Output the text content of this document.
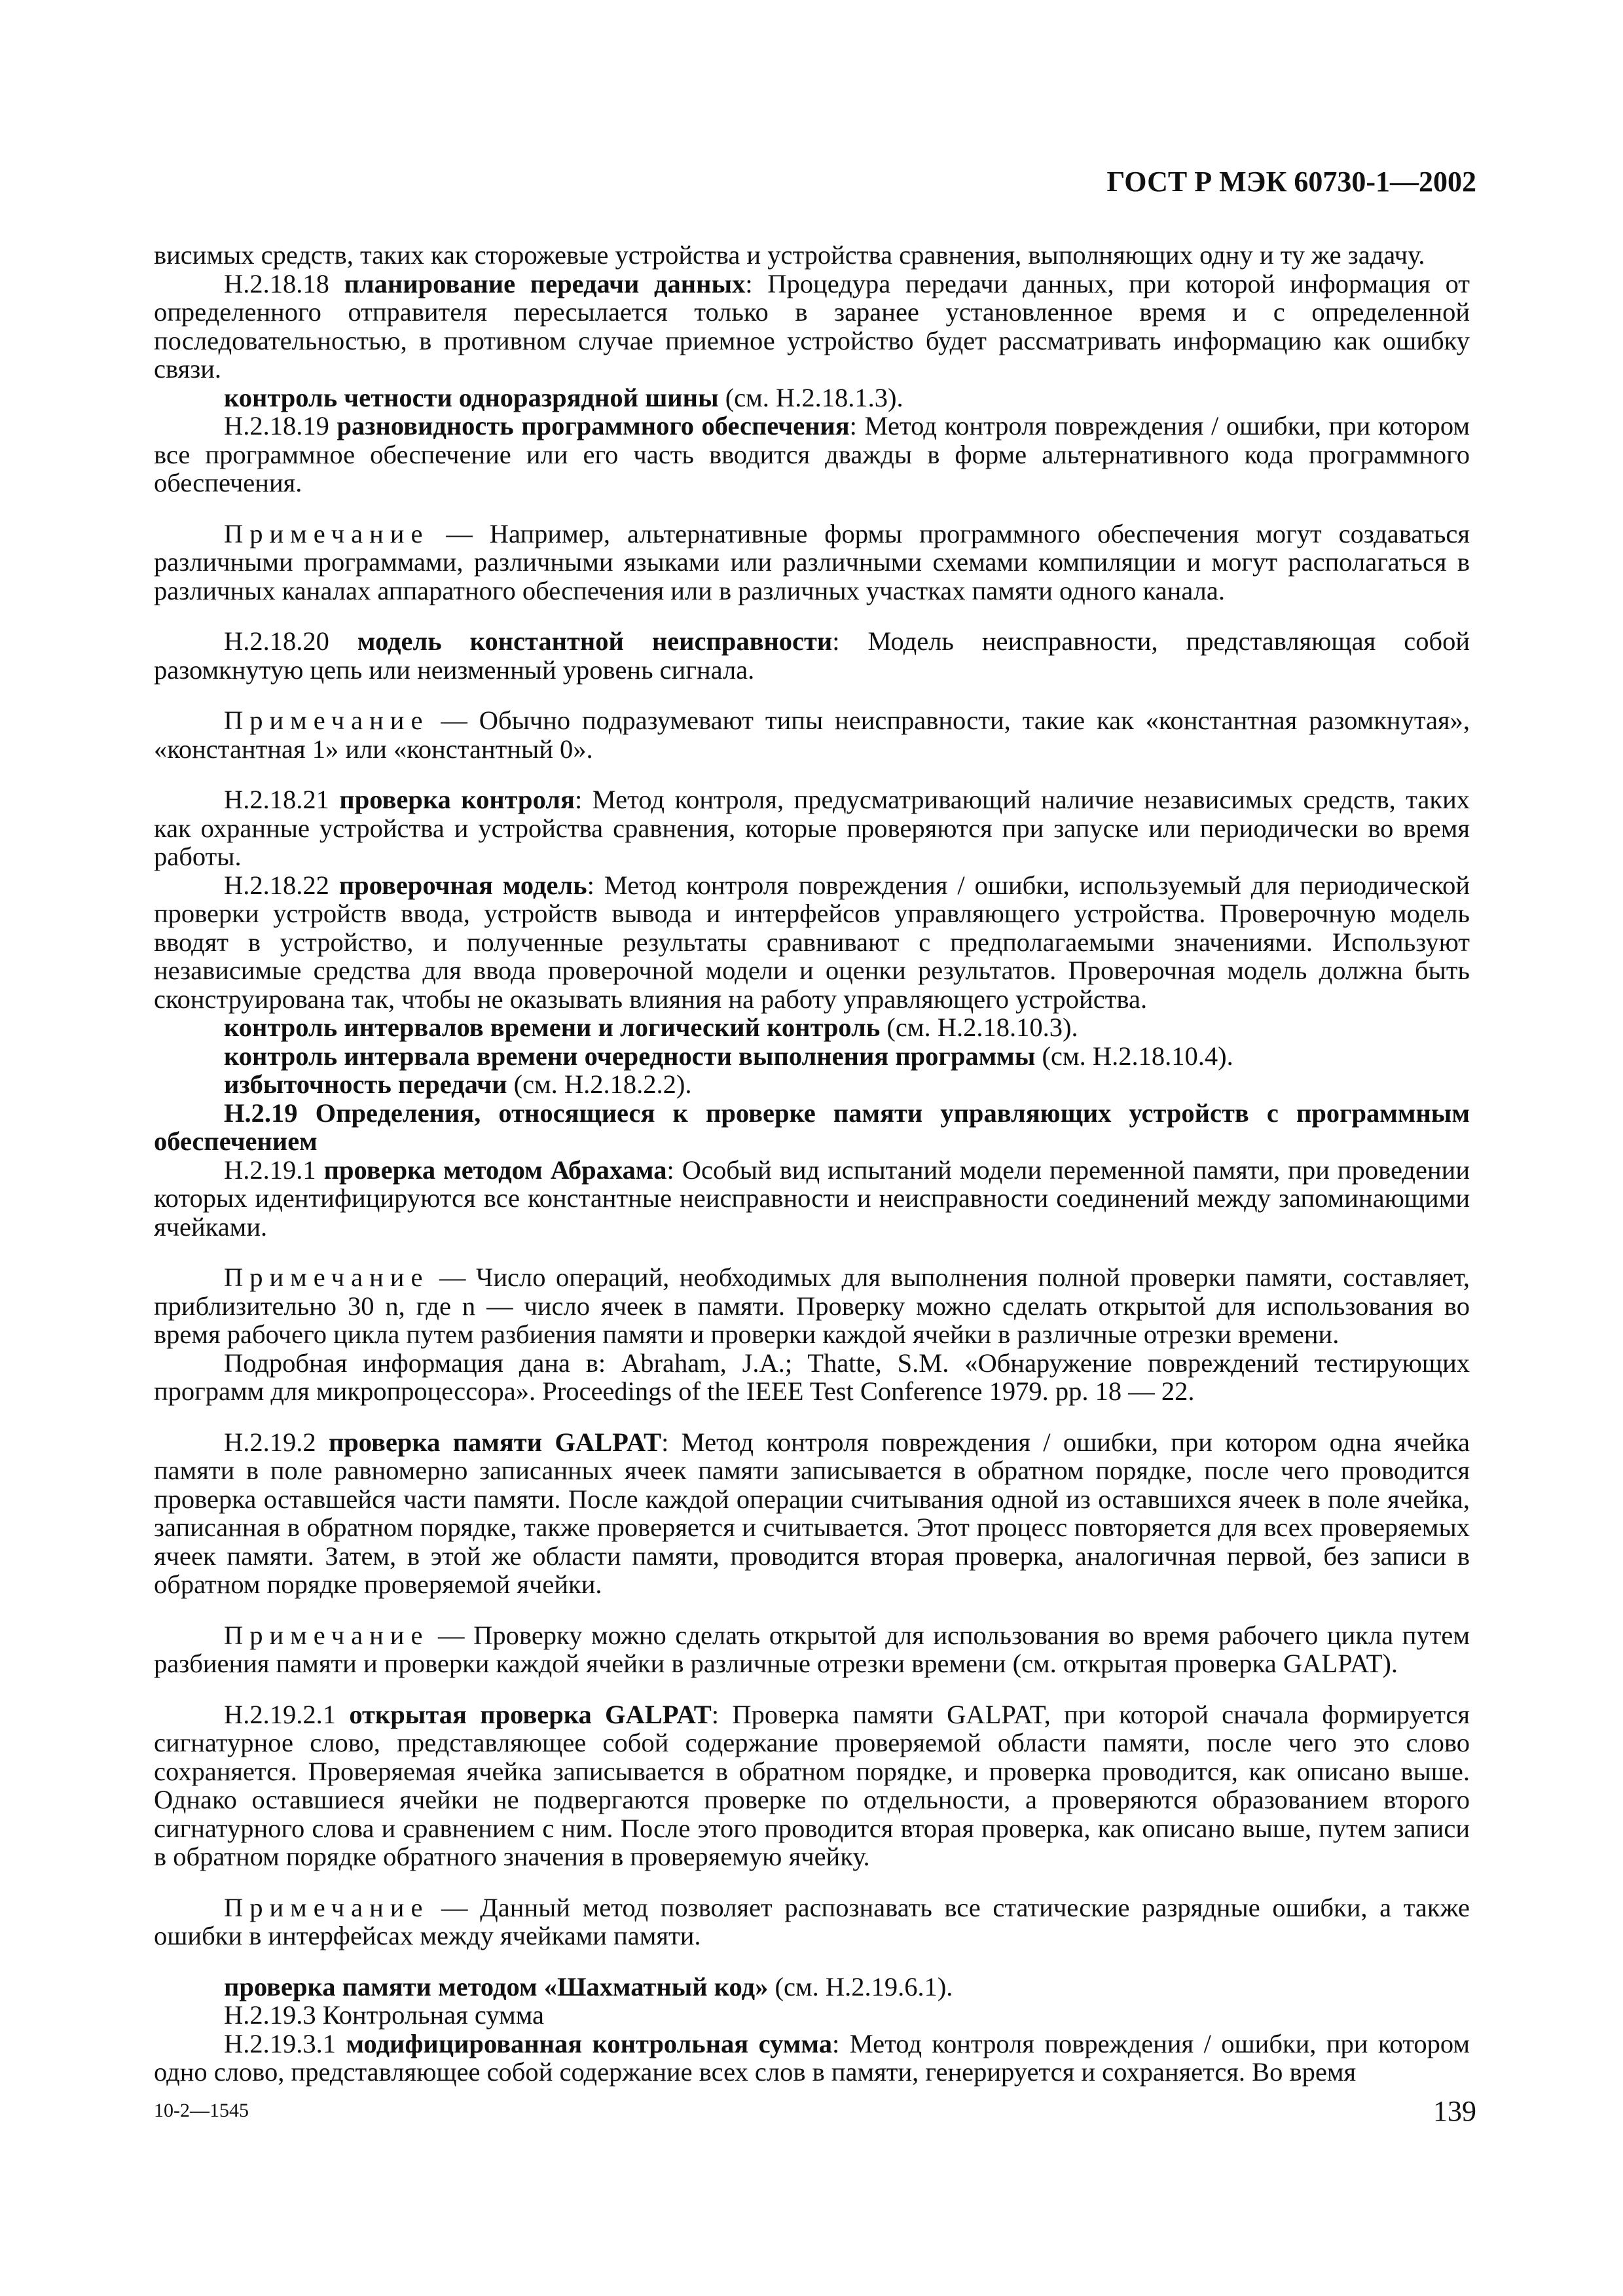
ГОСТ Р МЭК 60730-1—2002

висимых средств, таких как сторожевые устройства и устройства сравнения, выполняющих одну и ту же задачу.

Н.2.18.18 планирование передачи данных: Процедура передачи данных, при которой информация от определенного отправителя пересылается только в заранее установленное время и с определенной последовательностью, в противном случае приемное устройство будет рассматривать информацию как ошибку связи.

контроль четности одноразрядной шины (см. Н.2.18.1.3).

Н.2.18.19 разновидность программного обеспечения: Метод контроля повреждения / ошибки, при котором все программное обеспечение или его часть вводится дважды в форме альтернативного кода программного обеспечения.

Примечание — Например, альтернативные формы программного обеспечения могут создаваться различными программами, различными языками или различными схемами компиляции и могут располагаться в различных каналах аппаратного обеспечения или в различных участках памяти одного канала.

Н.2.18.20 модель константной неисправности: Модель неисправности, представляющая собой разомкнутую цепь или неизменный уровень сигнала.

Примечание — Обычно подразумевают типы неисправности, такие как «константная разомкнутая», «константная 1» или «константный 0».

Н.2.18.21 проверка контроля: Метод контроля, предусматривающий наличие независимых средств, таких как охранные устройства и устройства сравнения, которые проверяются при запуске или периодически во время работы.

Н.2.18.22 проверочная модель: Метод контроля повреждения / ошибки, используемый для периодической проверки устройств ввода, устройств вывода и интерфейсов управляющего устройства. Проверочную модель вводят в устройство, и полученные результаты сравнивают с предполагаемыми значениями. Используют независимые средства для ввода проверочной модели и оценки результатов. Проверочная модель должна быть сконструирована так, чтобы не оказывать влияния на работу управляющего устройства.

контроль интервалов времени и логический контроль (см. Н.2.18.10.3).

контроль интервала времени очередности выполнения программы (см. Н.2.18.10.4).

избыточность передачи (см. Н.2.18.2.2).

Н.2.19 Определения, относящиеся к проверке памяти управляющих устройств с программным обеспечением

Н.2.19.1 проверка методом Абрахама: Особый вид испытаний модели переменной памяти, при проведении которых идентифицируются все константные неисправности и неисправности соединений между запоминающими ячейками.

Примечание — Число операций, необходимых для выполнения полной проверки памяти, составляет, приблизительно 30 n, где n — число ячеек в памяти. Проверку можно сделать открытой для использования во время рабочего цикла путем разбиения памяти и проверки каждой ячейки в различные отрезки времени.

Подробная информация дана в: Abraham, J.A.; Thatte, S.M. «Обнаружение повреждений тестирующих программ для микропроцессора». Proceedings of the IEEE Test Conference 1979. pp. 18 — 22.

Н.2.19.2 проверка памяти GALPAT: Метод контроля повреждения / ошибки, при котором одна ячейка памяти в поле равномерно записанных ячеек памяти записывается в обратном порядке, после чего проводится проверка оставшейся части памяти. После каждой операции считывания одной из оставшихся ячеек в поле ячейка, записанная в обратном порядке, также проверяется и считывается. Этот процесс повторяется для всех проверяемых ячеек памяти. Затем, в этой же области памяти, проводится вторая проверка, аналогичная первой, без записи в обратном порядке проверяемой ячейки.

Примечание — Проверку можно сделать открытой для использования во время рабочего цикла путем разбиения памяти и проверки каждой ячейки в различные отрезки времени (см. открытая проверка GALPAT).

Н.2.19.2.1 открытая проверка GALPAT: Проверка памяти GALPAT, при которой сначала формируется сигнатурное слово, представляющее собой содержание проверяемой области памяти, после чего это слово сохраняется. Проверяемая ячейка записывается в обратном порядке, и проверка проводится, как описано выше. Однако оставшиеся ячейки не подвергаются проверке по отдельности, а проверяются образованием второго сигнатурного слова и сравнением с ним. После этого проводится вторая проверка, как описано выше, путем записи в обратном порядке обратного значения в проверяемую ячейку.

Примечание — Данный метод позволяет распознавать все статические разрядные ошибки, а также ошибки в интерфейсах между ячейками памяти.

проверка памяти методом «Шахматный код» (см. Н.2.19.6.1).

Н.2.19.3 Контрольная сумма

Н.2.19.3.1 модифицированная контрольная сумма: Метод контроля повреждения / ошибки, при котором одно слово, представляющее собой содержание всех слов в памяти, генерируется и сохраняется. Во время

10-2—1545	139
